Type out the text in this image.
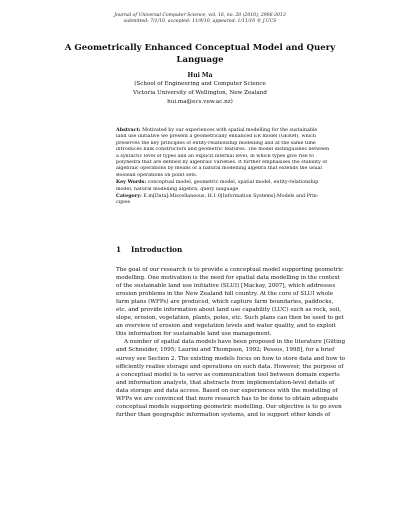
Journal of Universal Computer Science, vol. 16, no. 20 (2010), 2906-3013
submitted: 7/1/10, accepted: 11/9/10, appeared: 1/11/10 © J.UCS
A Geometrically Enhanced Conceptual Model and Query
Language
Hui Ma
(School of Engineering and Computer Science
Victoria University of Wellington, New Zealand
hui.ma@ecs.vuw.ac.nz)
Abstract: Motivated by our experiences with spatial modelling for the sustainable
land use initiative we present a geometrically enhanced ER model (GERM), which
preserves the key principles of entity-relationship modelling and at the same time
introduces bulk constructors and geometric features. The model distinguishes between
a syntactic level of types and an explicit internal level, in which types give rise to
polyhedra that are defined by algebraic varieties. It further emphasises the stability of
algebraic operations by means of a natural modelling algebra that extends the usual
Boolean operations on point sets.
Key Words: conceptual model, geometric model, spatial model, entity-relationship
model, natural modelling algebra, query language
Category: E.m[Data]:Miscellaneous, H.1.0[Information Systems]:Models and Prin-
ciples
1 Introduction
The goal of our research is to provide a conceptual model supporting geometric
modelling. One motivation is the need for spatial data modelling in the context
of the sustainable land use initiative (SLUI) [Mackay, 2007], which addresses
erosion problems in the New Zealand hill country. At the core of SLUI whole
farm plans (WFPs) are produced, which capture farm boundaries, paddocks,
etc. and provide information about land use capability (LUC) such as rock, soil,
slope, erosion, vegetation, plants, poles, etc. Such plans can then be used to get
an overview of erosion and vegetation levels and water quality, and to exploit
this information for sustainable land use management.
A number of spatial data models have been proposed in the literature [Güting
and Schneider, 1995; Laurini and Thompson, 1992; Pessos, 1998], for a brief
survey see Section 2. The existing models focus on how to store data and how to
efficiently realise storage and operations on such data. However, the purpose of
a conceptual model is to serve as communication tool between domain experts
and information analysts, that abstracts from implementation-level details of
data storage and data access. Based on our experiences with the modelling of
WFPs we are convinced that more research has to be done to obtain adequate
conceptual models supporting geometric modelling. Our objective is to go even
further than geographic information systems, and to support other kinds of
